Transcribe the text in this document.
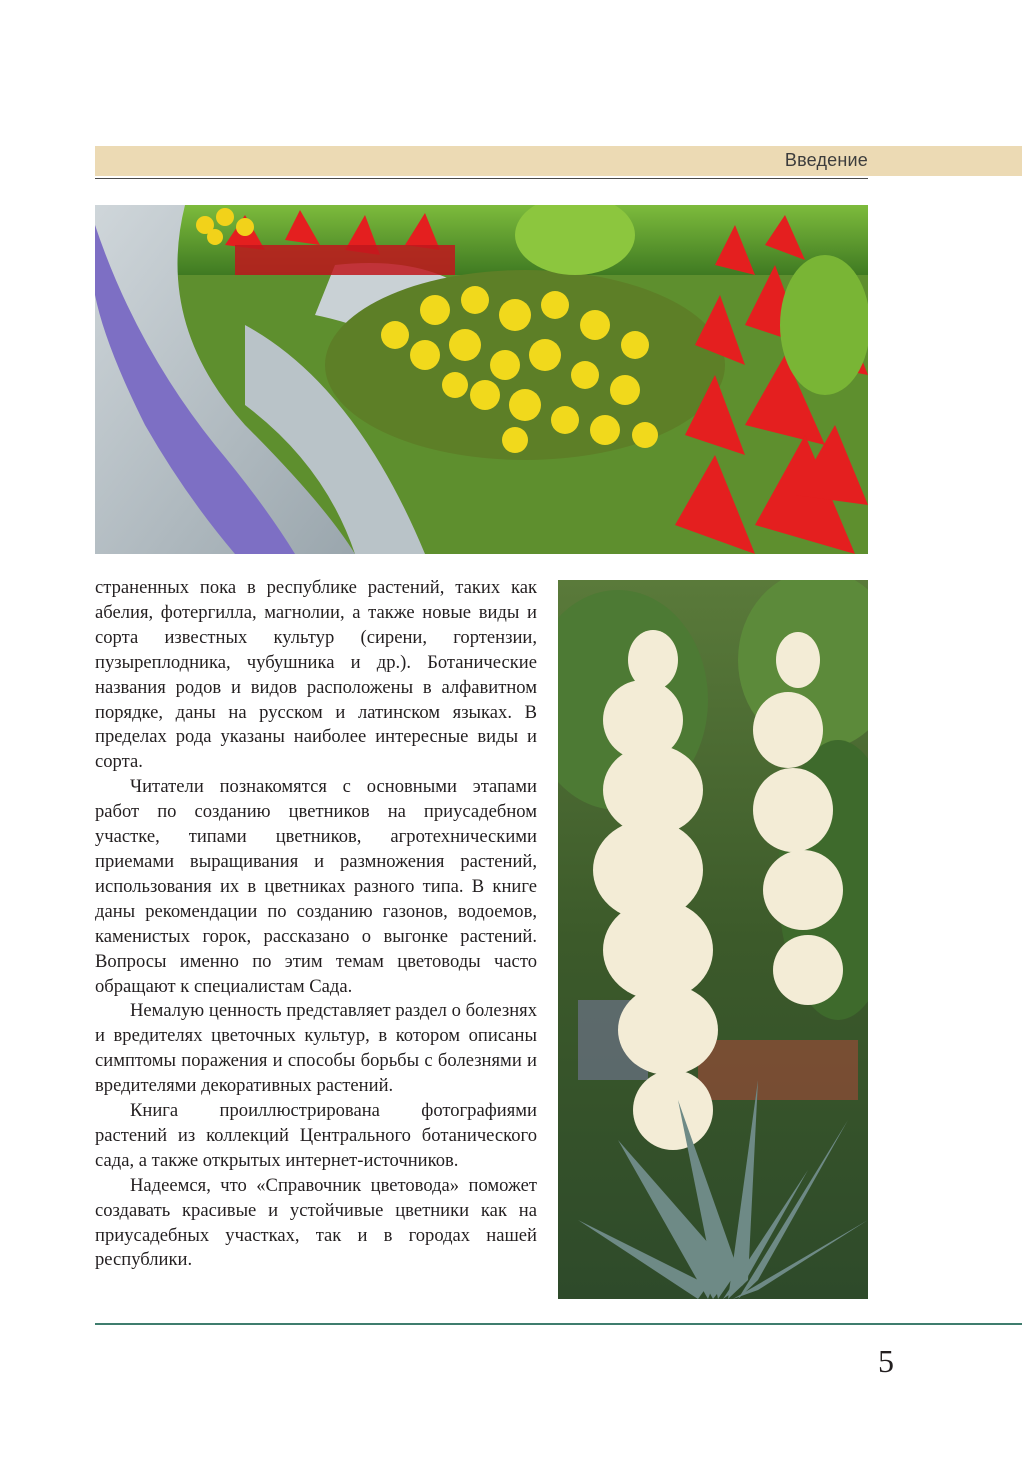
Введение

страненных пока в республике растений, таких как абелия, фотергилла, магнолии, а также новые виды и сорта известных культур (сирени, гортензии, пузыреплодника, чубушника и др.). Ботанические названия родов и видов расположены в алфавитном порядке, даны на русском и латинском языках. В пределах рода указаны наиболее интересные виды и сорта.

Читатели познакомятся с основными этапами работ по созданию цветников на приусадебном участке, типами цветников, агротехническими приемами выращивания и размножения растений, использования их в цветниках разного типа. В книге даны рекомендации по созданию газонов, водоемов, каменистых горок, рассказано о выгонке растений. Вопросы именно по этим темам цветоводы часто обращают к специалистам Сада.

Немалую ценность представляет раздел о болезнях и вредителях цветочных культур, в котором описаны симптомы поражения и способы борьбы с болезнями и вредителями декоративных растений.

Книга проиллюстрирована фотографиями растений из коллекций Центрального ботанического сада, а также открытых интернет-источников.

Надеемся, что «Справочник цветовода» поможет создавать красивые и устойчивые цветники как на приусадебных участках, так и в городах нашей республики.

5
